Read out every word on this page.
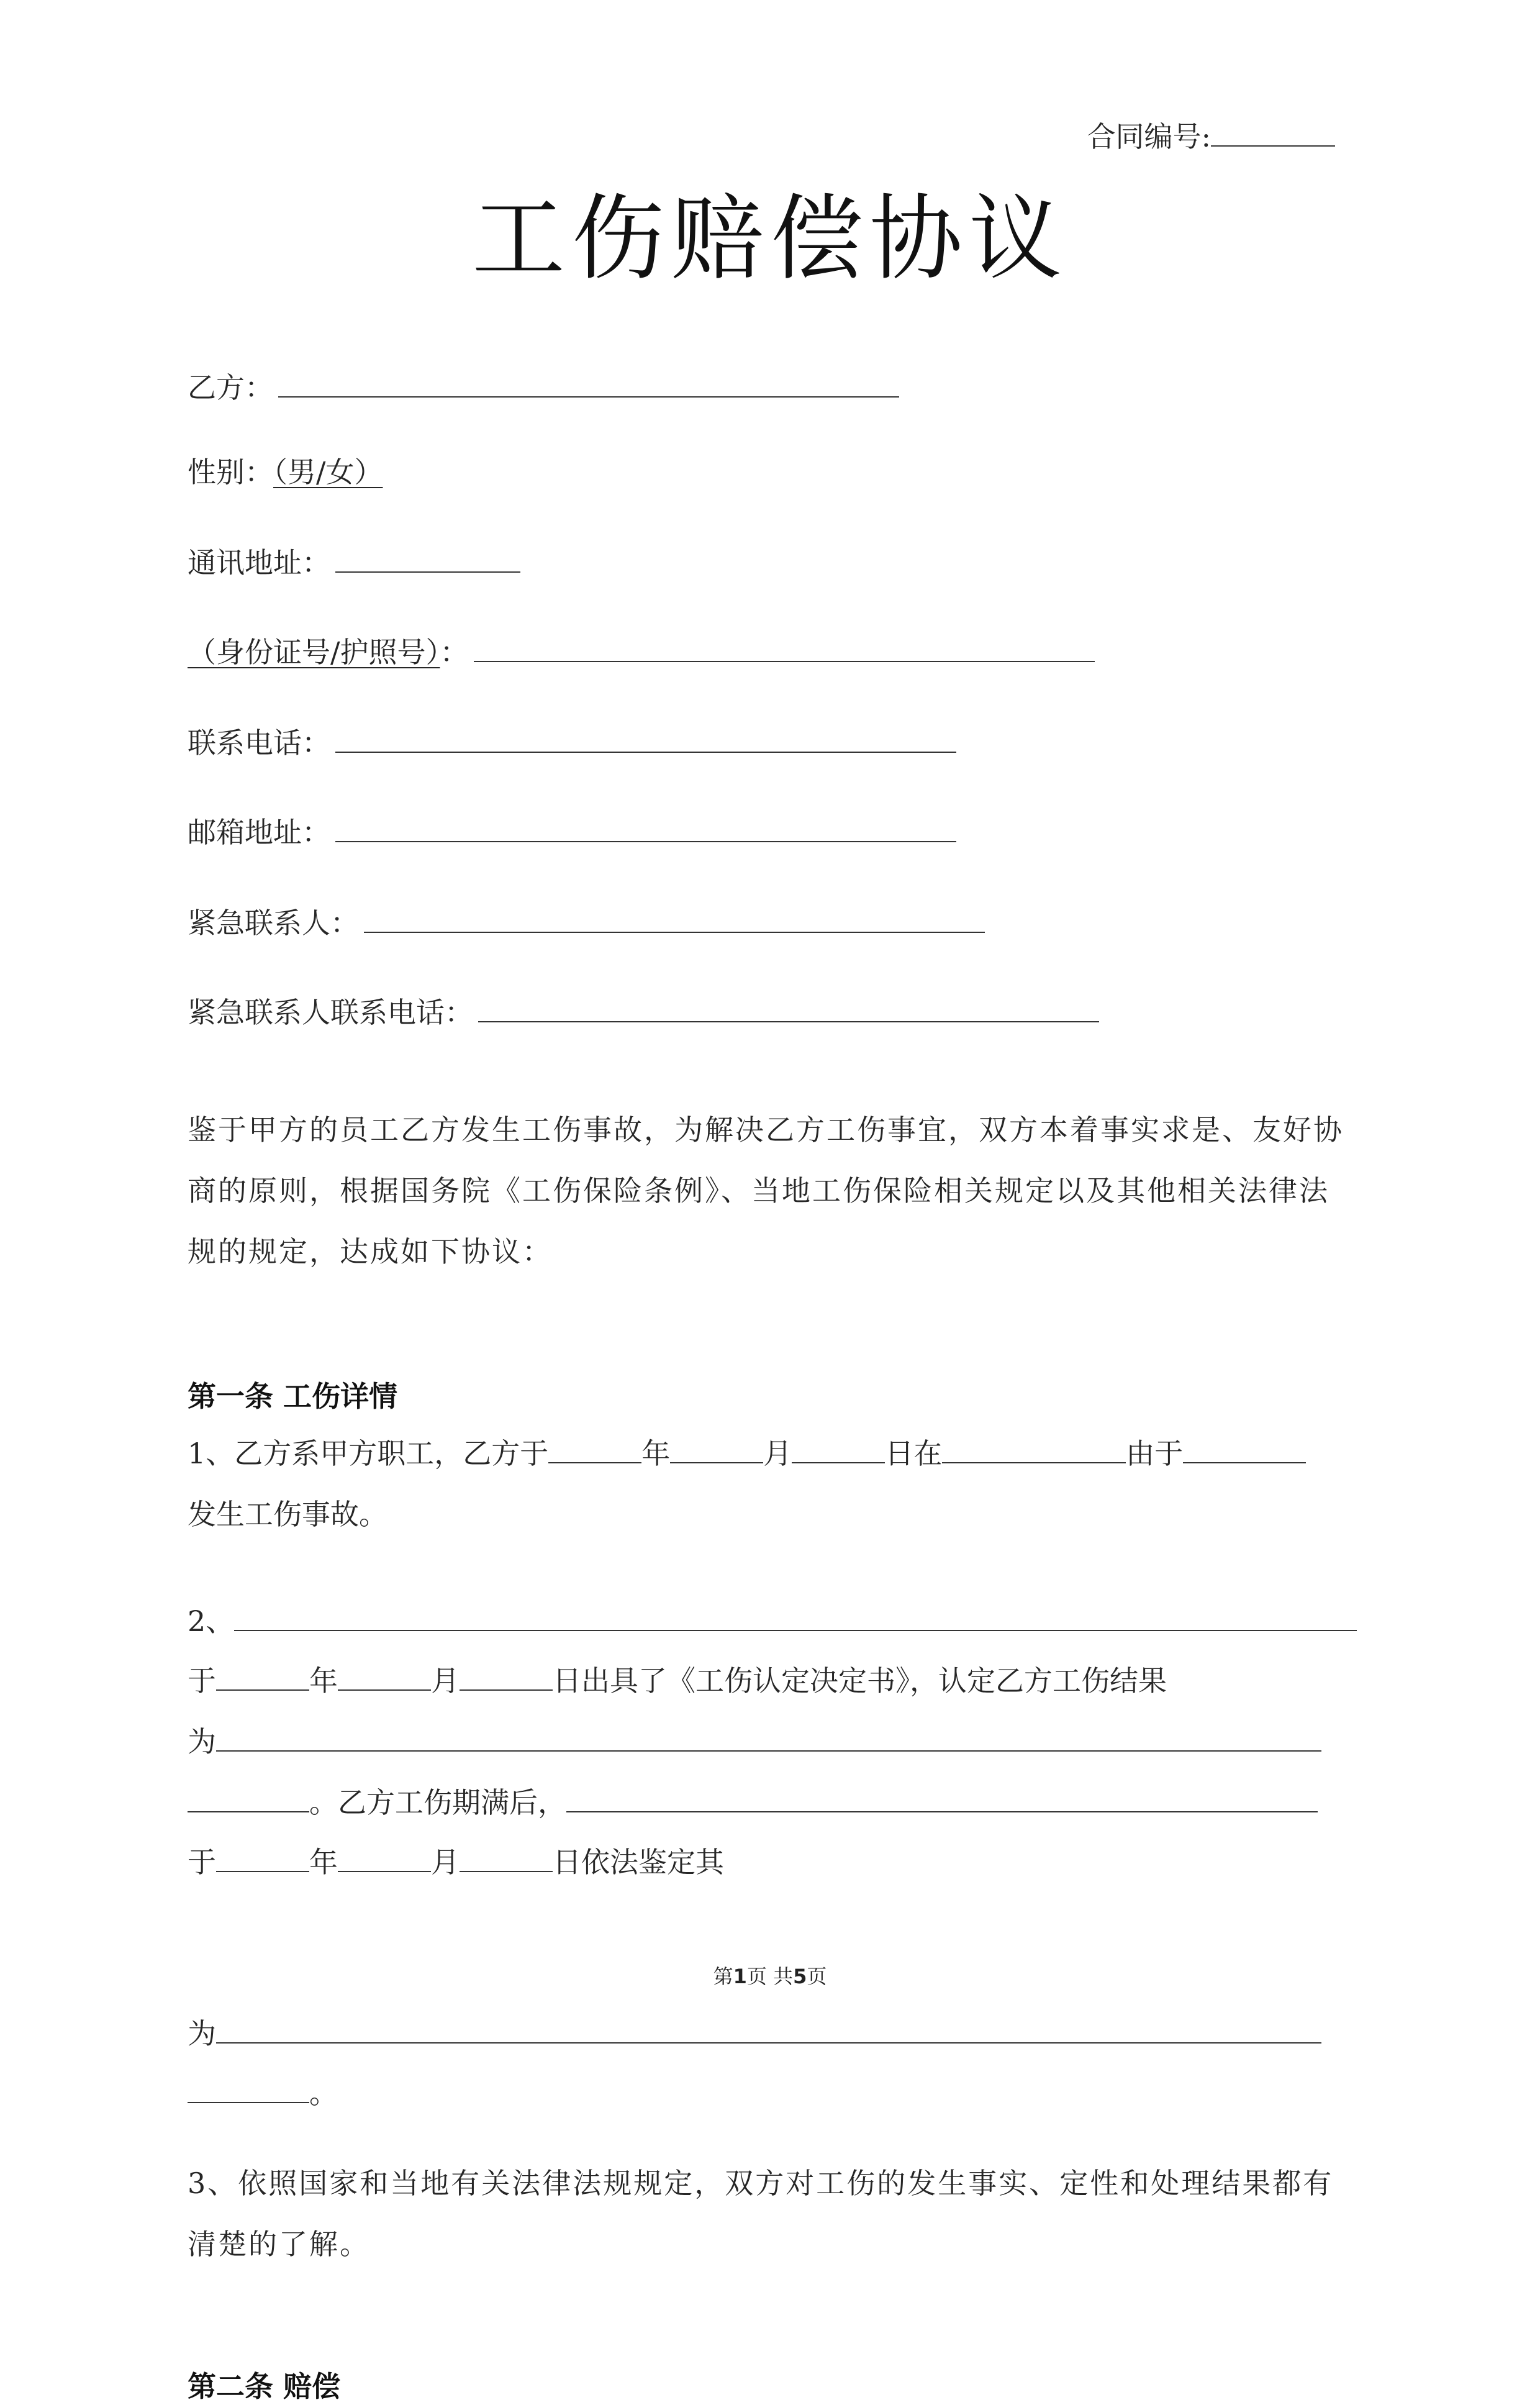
合同编号:
工伤赔偿协议
乙方：
性别：（男/女）
通讯地址：
（身份证号/护照号）：
联系电话：
邮箱地址：
紧急联系人：
紧急联系人联系电话：
鉴于甲方的员工乙方发生工伤事故，为解决乙方工伤事宜，双方本着事实求是、友好协商的原则，根据国务院《工伤保险条例》、当地工伤保险相关规定以及其他相关法律法规的规定，达成如下协议：
第一条 工伤详情
1、乙方系甲方职工，乙方于	年	月	日在	由于
发生工伤事故。
2、
于	年	月	日出具了《工伤认定决定书》，认定乙方工伤结果
为
。乙方工伤期满后，
于	年	月	日依法鉴定其
第1页 共5页
为
。
3、依照国家和当地有关法律法规规定，双方对工伤的发生事实、定性和处理结果都有清楚的了解。
第二条 赔偿
